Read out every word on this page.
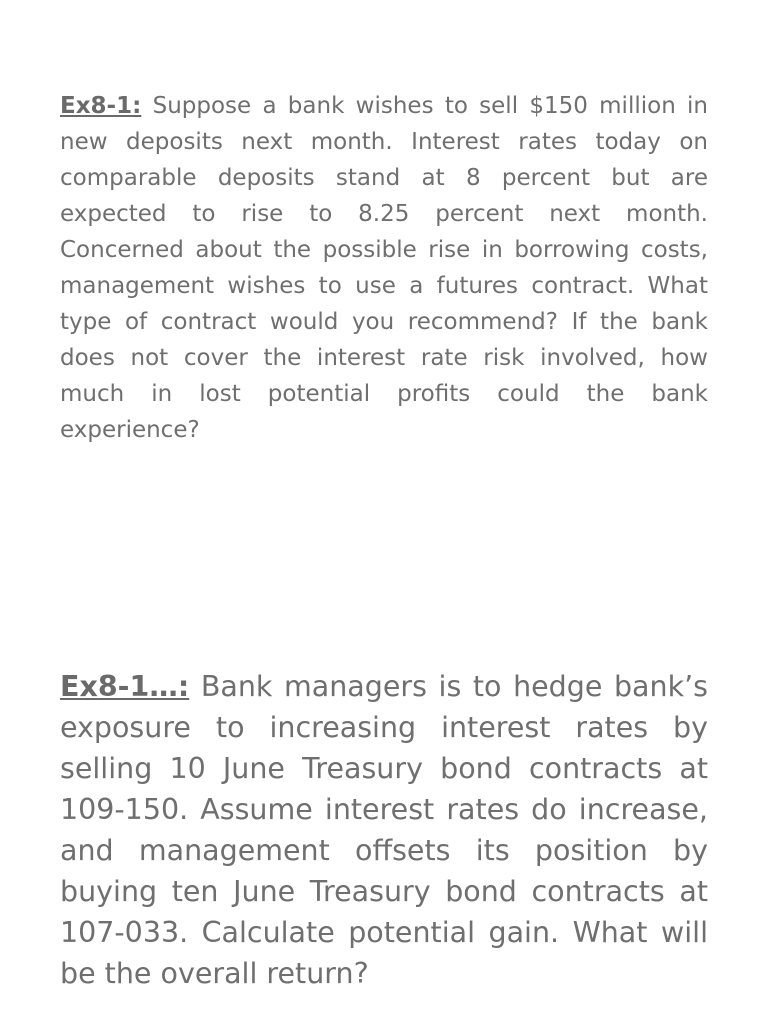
Ex8-1: Suppose a bank wishes to sell $150 million in new deposits next month. Interest rates today on comparable deposits stand at 8 percent but are expected to rise to 8.25 percent next month. Concerned about the possible rise in borrowing costs, management wishes to use a futures contract. What type of contract would you recommend? If the bank does not cover the interest rate risk involved, how much in lost potential profits could the bank experience?

Ex8-1…: Bank managers is to hedge bank’s exposure to increasing interest rates by selling 10 June Treasury bond contracts at 109-150. Assume interest rates do increase, and management offsets its position by buying ten June Treasury bond contracts at 107-033. Calculate potential gain. What will be the overall return?
